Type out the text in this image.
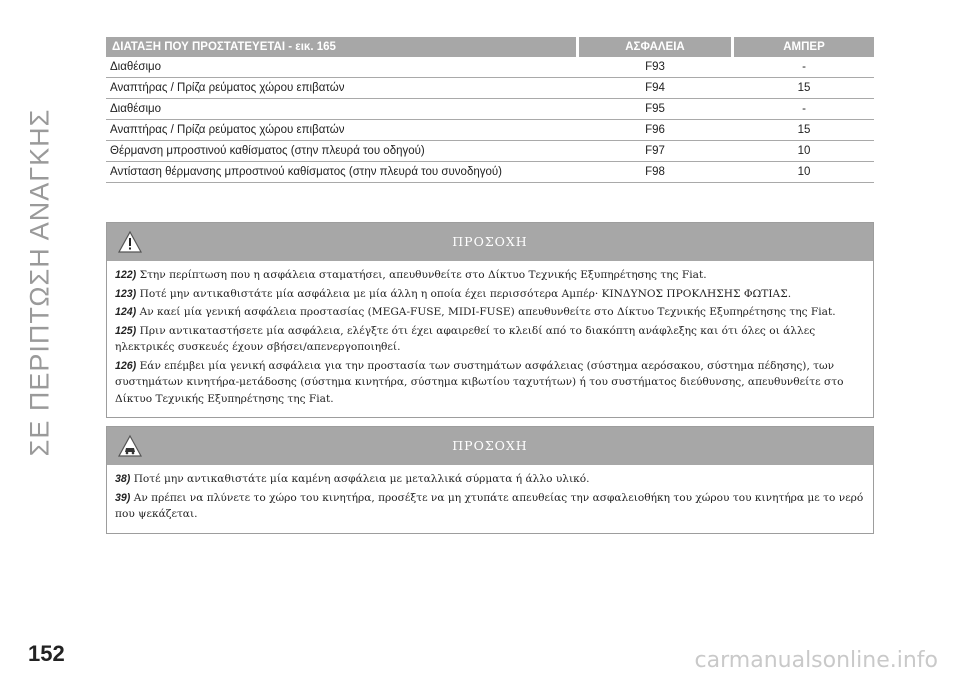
ΣΕ ΠΕΡΙΠΤΩΣΗ ΑΝΑΓΚΗΣ
ΔΙΑΤΑΞΗ ΠΟΥ ΠΡΟΣΤΑΤΕΥΕΤΑΙ - εικ. 165		ΑΣΦΑΛΕΙΑ		ΑΜΠΕΡ
Διαθέσιμο		F93		-
Αναπτήρας / Πρίζα ρεύματος χώρου επιβατών		F94		15
Διαθέσιμο		F95		-
Αναπτήρας / Πρίζα ρεύματος χώρου επιβατών		F96		15
Θέρμανση μπροστινού καθίσματος (στην πλευρά του οδηγού)		F97		10
Αντίσταση θέρμανσης μπροστινού καθίσματος (στην πλευρά του συνοδηγού)		F98		10
ΠΡΟΣΟΧΗ

122) Στην περίπτωση που η ασφάλεια σταματήσει, απευθυνθείτε στο Δίκτυο Τεχνικής Εξυπηρέτησης της Fiat.

123) Ποτέ μην αντικαθιστάτε μία ασφάλεια με μία άλλη η οποία έχει περισσότερα Αμπέρ· ΚΙΝΔΥΝΟΣ ΠΡΟΚΛΗΣΗΣ ΦΩΤΙΑΣ.

124) Αν καεί μία γενική ασφάλεια προστασίας (MEGA-FUSE, MIDI-FUSE) απευθυνθείτε στο Δίκτυο Τεχνικής Εξυπηρέτησης της Fiat.

125) Πριν αντικαταστήσετε μία ασφάλεια, ελέγξτε ότι έχει αφαιρεθεί το κλειδί από το διακόπτη ανάφλεξης και ότι όλες οι άλλες ηλεκτρικές συσκευές έχουν σβήσει/απενεργοποιηθεί.

126) Εάν επέμβει μία γενική ασφάλεια για την προστασία των συστημάτων ασφάλειας (σύστημα αερόσακου, σύστημα πέδησης), των συστημάτων κινητήρα-μετάδοσης (σύστημα κινητήρα, σύστημα κιβωτίου ταχυτήτων) ή του συστήματος διεύθυνσης, απευθυνθείτε στο Δίκτυο Τεχνικής Εξυπηρέτησης της Fiat.

ΠΡΟΣΟΧΗ

38) Ποτέ μην αντικαθιστάτε μία καμένη ασφάλεια με μεταλλικά σύρματα ή άλλο υλικό.

39) Αν πρέπει να πλύνετε το χώρο του κινητήρα, προσέξτε να μη χτυπάτε απευθείας την ασφαλειοθήκη του χώρου του κινητήρα με το νερό που ψεκάζεται.

152	carmanualsonline.info
